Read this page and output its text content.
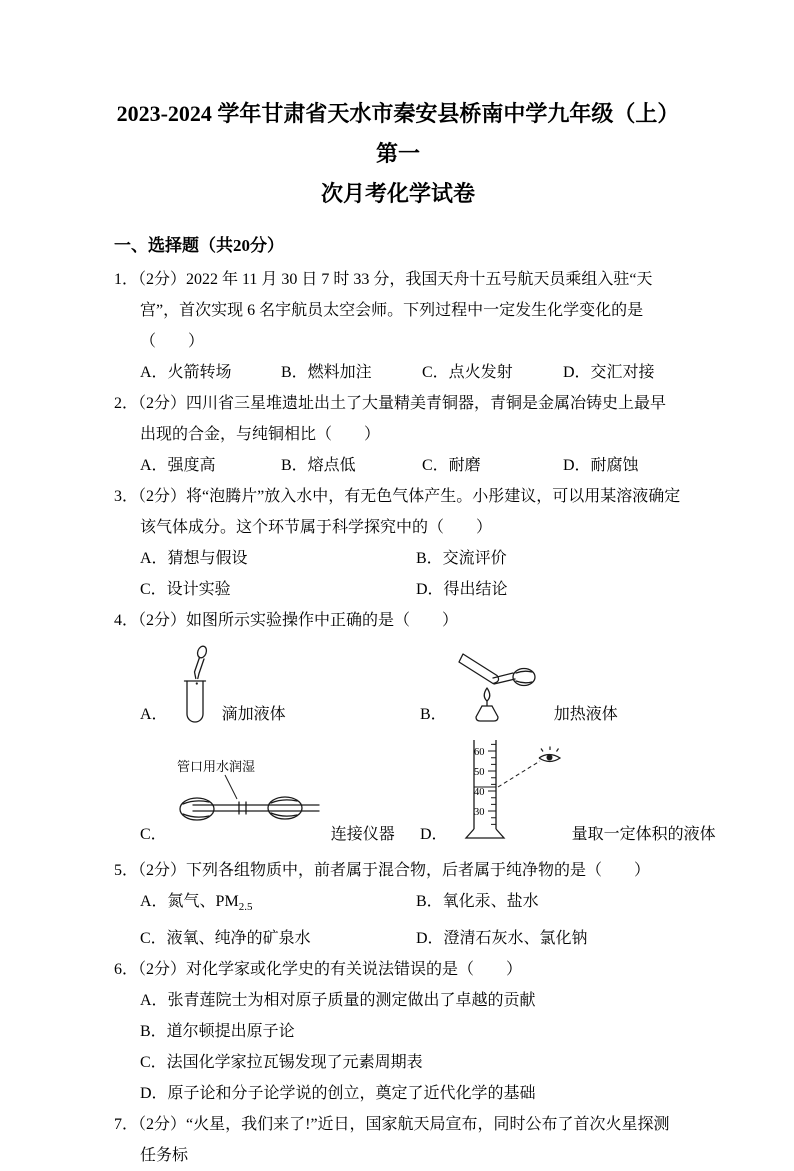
2023-2024 学年甘肃省天水市秦安县桥南中学九年级（上）第一
次月考化学试卷
一、选择题（共20分）

1．（2分）2022 年 11 月 30 日 7 时 33 分，我国天舟十五号航天员乘组入驻“天宫”，首次实现 6 名宇航员太空会师。下列过程中一定发生化学变化的是（　　）

A．火箭转场	B．燃料加注	C．点火发射	D．交汇对接

2．（2分）四川省三星堆遗址出土了大量精美青铜器，青铜是金属冶铸史上最早出现的合金，与纯铜相比（　　）

A．强度高	B．熔点低	C．耐磨	D．耐腐蚀

3．（2分）将“泡腾片”放入水中，有无色气体产生。小彤建议，可以用某溶液确定该气体成分。这个环节属于科学探究中的（　　）

A．猜想与假设	B．交流评价
C．设计实验	D．得出结论

4．（2分）如图所示实验操作中正确的是（　　）

A．	滴加液体	B．	加热液体
C．
管口用水润湿
连接仪器 D．
60
50
40
30
量取一定体积的液体

5．（2分）下列各组物质中，前者属于混合物，后者属于纯净物的是（　　）

A．氮气、$PM_{2.5}$	B．氧化汞、盐水
C．液氧、纯净的矿泉水	D．澄清石灰水、氯化钠

6．（2分）对化学家或化学史的有关说法错误的是（　　）

A．张青莲院士为相对原子质量的测定做出了卓越的贡献
B．道尔顿提出原子论
C．法国化学家拉瓦锡发现了元素周期表
D．原子论和分子论学说的创立，奠定了近代化学的基础

7．（2分）“火星，我们来了!”近日，国家航天局宣布，同时公布了首次火星探测任务标
